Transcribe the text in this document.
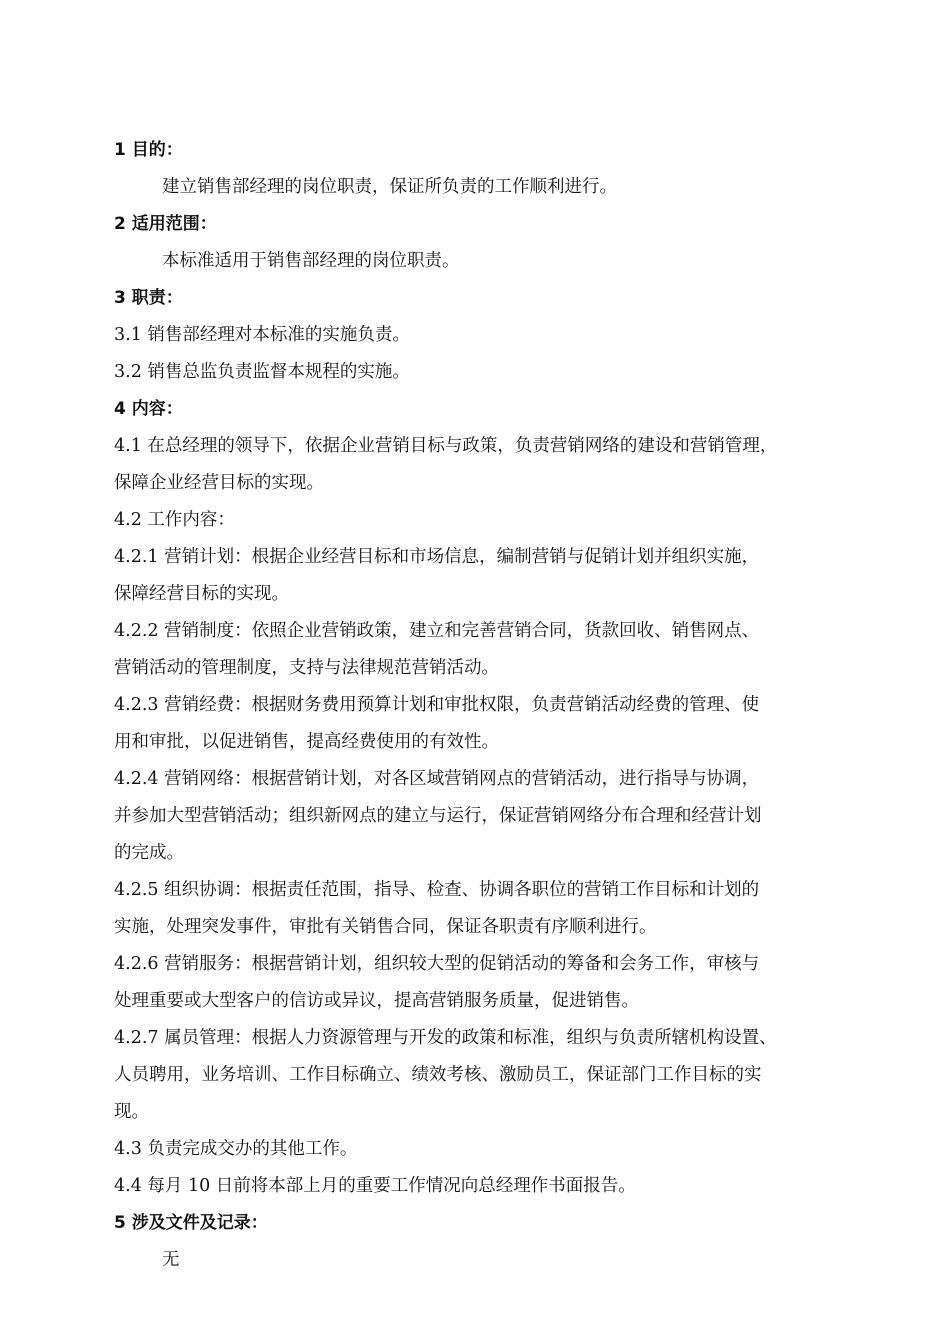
1 目的：
建立销售部经理的岗位职责，保证所负责的工作顺利进行。
2 适用范围：
本标准适用于销售部经理的岗位职责。
3 职责：
3.1 销售部经理对本标准的实施负责。
3.2 销售总监负责监督本规程的实施。
4 内容：
4.1 在总经理的领导下，依据企业营销目标与政策，负责营销网络的建设和营销管理，
保障企业经营目标的实现。
4.2 工作内容：
4.2.1 营销计划：根据企业经营目标和市场信息，编制营销与促销计划并组织实施，
保障经营目标的实现。
4.2.2 营销制度：依照企业营销政策，建立和完善营销合同，货款回收、销售网点、
营销活动的管理制度，支持与法律规范营销活动。
4.2.3 营销经费：根据财务费用预算计划和审批权限，负责营销活动经费的管理、使
用和审批，以促进销售，提高经费使用的有效性。
4.2.4 营销网络：根据营销计划，对各区域营销网点的营销活动，进行指导与协调，
并参加大型营销活动；组织新网点的建立与运行，保证营销网络分布合理和经营计划
的完成。
4.2.5 组织协调：根据责任范围，指导、检查、协调各职位的营销工作目标和计划的
实施，处理突发事件，审批有关销售合同，保证各职责有序顺利进行。
4.2.6 营销服务：根据营销计划，组织较大型的促销活动的筹备和会务工作，审核与
处理重要或大型客户的信访或异议，提高营销服务质量，促进销售。
4.2.7 属员管理：根据人力资源管理与开发的政策和标准，组织与负责所辖机构设置、
人员聘用，业务培训、工作目标确立、绩效考核、激励员工，保证部门工作目标的实
现。
4.3 负责完成交办的其他工作。
4.4 每月 10 日前将本部上月的重要工作情况向总经理作书面报告。
5 涉及文件及记录：
无
